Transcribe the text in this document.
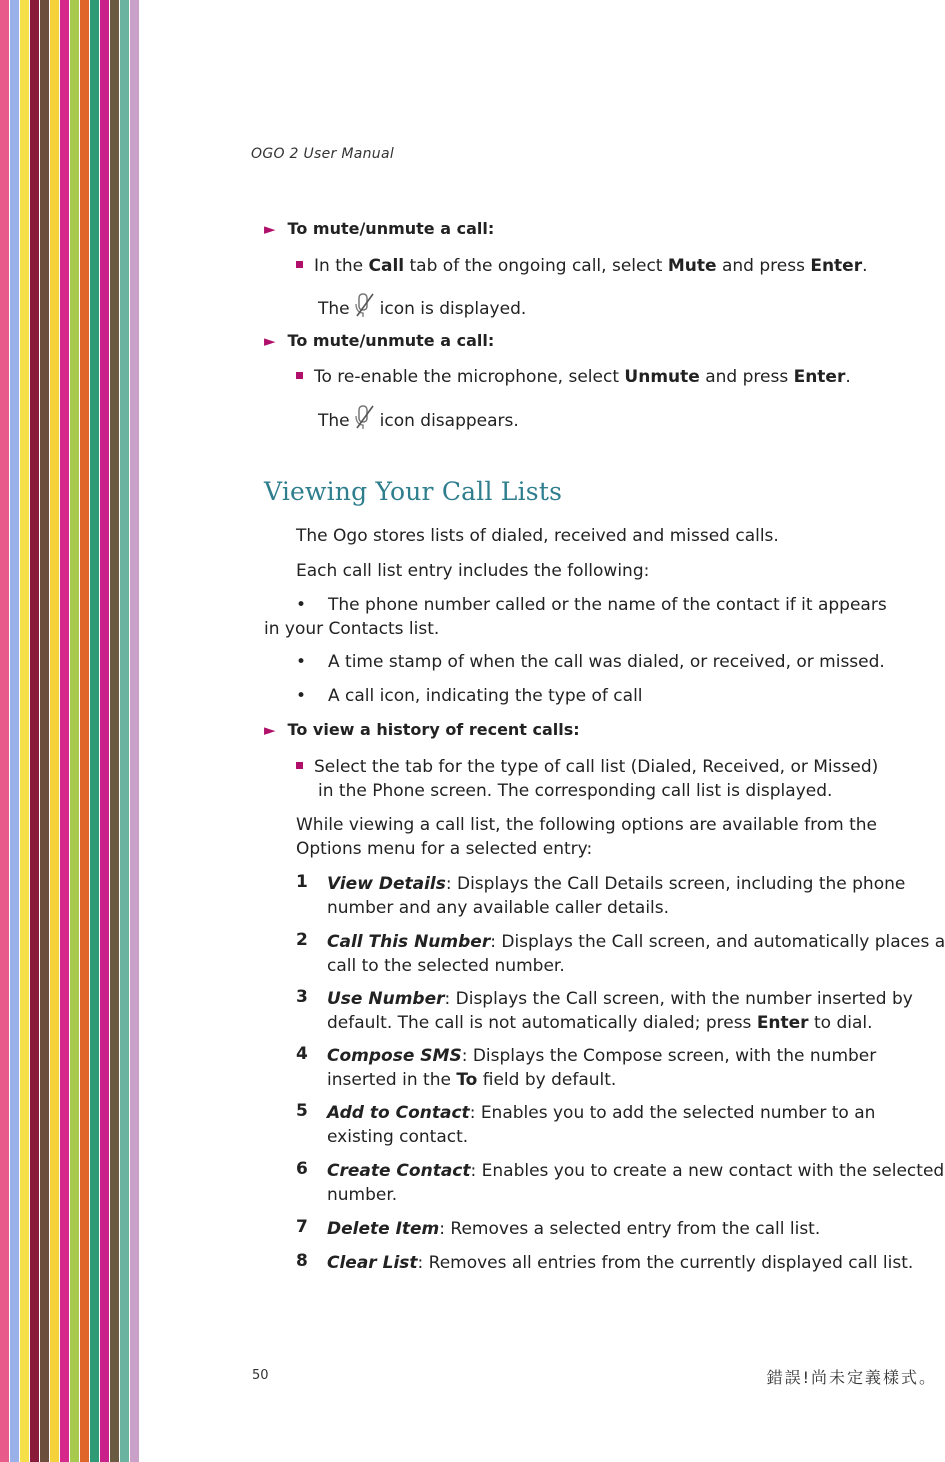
OGO 2 User Manual
► To mute/unmute a call:
In the Call tab of the ongoing call, select Mute and press Enter.
The icon is displayed.
► To mute/unmute a call:
To re-enable the microphone, select Unmute and press Enter.
The icon disappears.
Viewing Your Call Lists
The Ogo stores lists of dialed, received and missed calls.
Each call list entry includes the following:
• The phone number called or the name of the contact if it appears
in your Contacts list.
• A time stamp of when the call was dialed, or received, or missed.
• A call icon, indicating the type of call
► To view a history of recent calls:
Select the tab for the type of call list (Dialed, Received, or Missed)
in the Phone screen. The corresponding call list is displayed.
While viewing a call list, the following options are available from the
Options menu for a selected entry:
1 View Details: Displays the Call Details screen, including the phone number and any available caller details.
2 Call This Number: Displays the Call screen, and automatically places a call to the selected number.
3 Use Number: Displays the Call screen, with the number inserted by default. The call is not automatically dialed; press Enter to dial.
4 Compose SMS: Displays the Compose screen, with the number inserted in the To field by default.
5 Add to Contact: Enables you to add the selected number to an existing contact.
6 Create Contact: Enables you to create a new contact with the selected number.
7 Delete Item: Removes a selected entry from the call list.
8 Clear List: Removes all entries from the currently displayed call list.
50	錯誤!尚未定義樣式。
